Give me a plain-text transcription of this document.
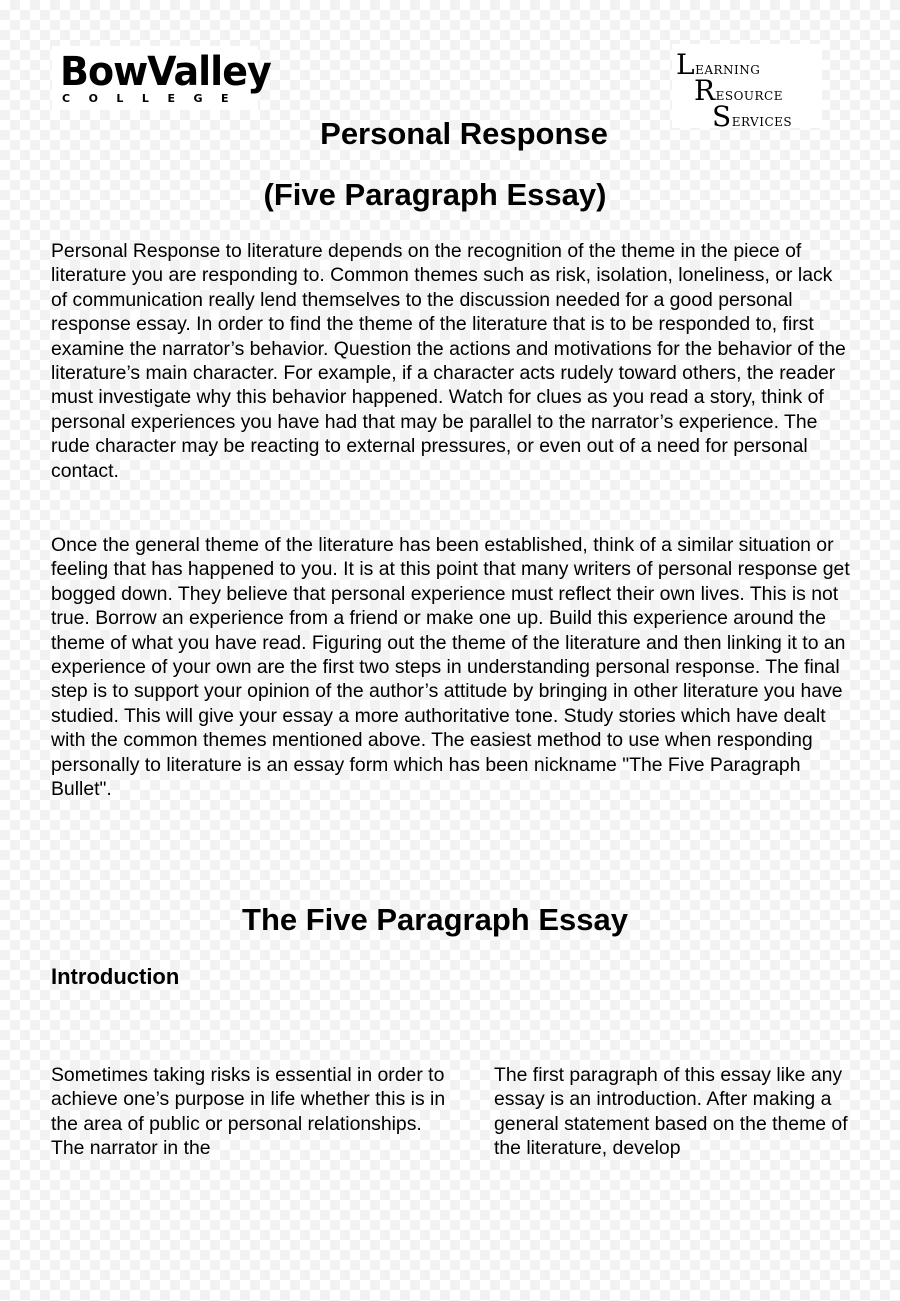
BowValley
COLLEGE
Learning
Resource
Services
Personal Response
(Five Paragraph Essay)
Personal Response to literature depends on the recognition of the theme in the piece of literature you are responding to. Common themes such as risk, isolation, loneliness, or lack of communication really lend themselves to the discussion needed for a good personal response essay. In order to find the theme of the literature that is to be responded to, first examine the narrator’s behavior. Question the actions and motivations for the behavior of the literature’s main character. For example, if a character acts rudely toward others, the reader must investigate why this behavior happened. Watch for clues as you read a story, think of personal experiences you have had that may be parallel to the narrator’s experience. The rude character may be reacting to external pressures, or even out of a need for personal contact.
Once the general theme of the literature has been established, think of a similar situation or feeling that has happened to you. It is at this point that many writers of personal response get bogged down. They believe that personal experience must reflect their own lives. This is not true. Borrow an experience from a friend or make one up. Build this experience around the theme of what you have read. Figuring out the theme of the literature and then linking it to an experience of your own are the first two steps in understanding personal response. The final step is to support your opinion of the author’s attitude by bringing in other literature you have studied. This will give your essay a more authoritative tone. Study stories which have dealt with the common themes mentioned above. The easiest method to use when responding personally to literature is an essay form which has been nickname "The Five Paragraph Bullet".
The Five Paragraph Essay
Introduction
Sometimes taking risks is essential in order to achieve one’s purpose in life whether this is in the area of public or personal relationships. The narrator in the
The first paragraph of this essay like any essay is an introduction. After making a general statement based on the theme of the literature, develop
